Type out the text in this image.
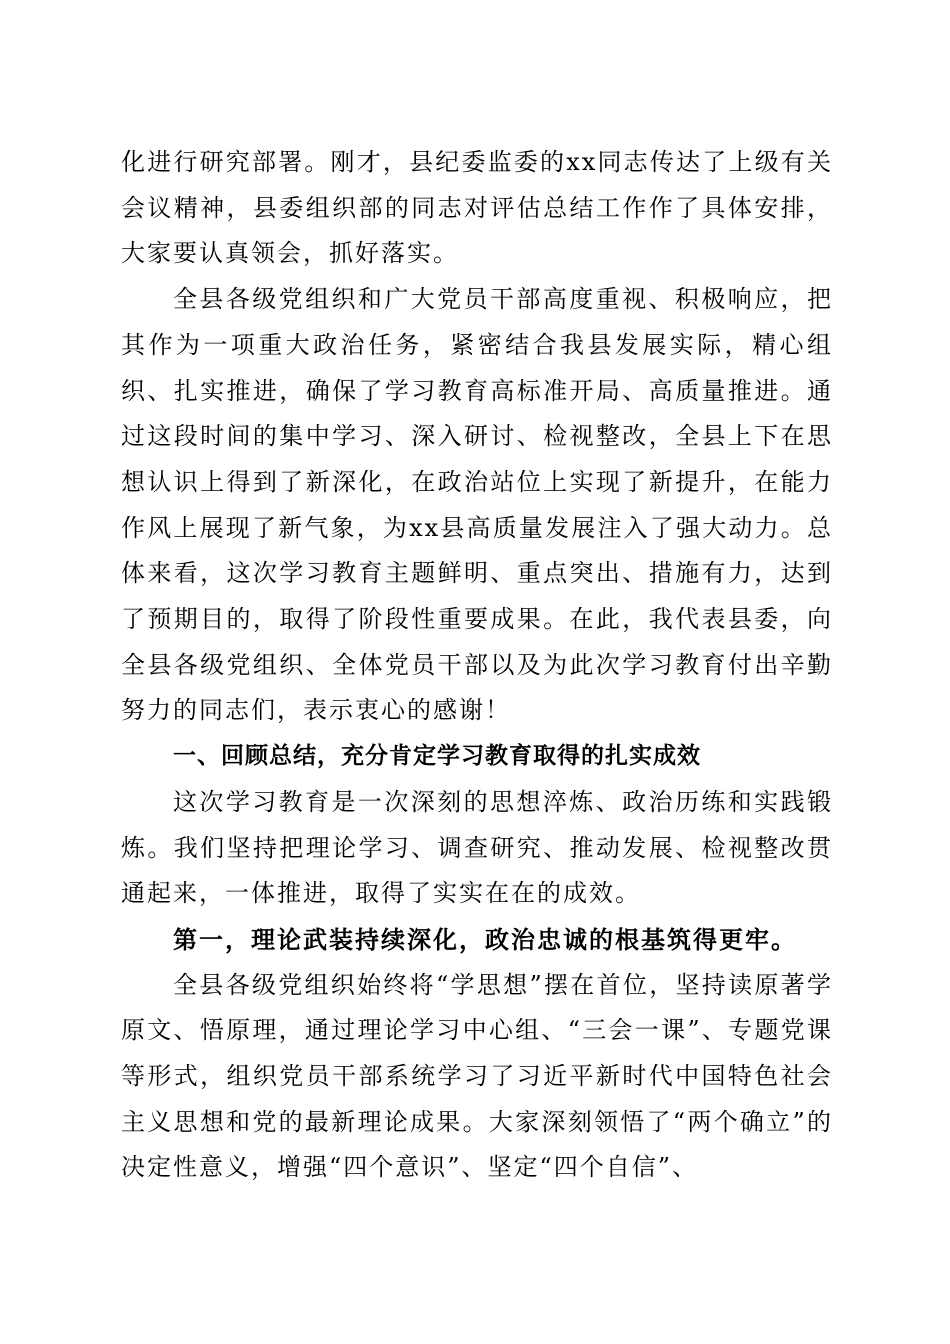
化进行研究部署。刚才，县纪委监委的xx同志传达了上级有关会议精神，县委组织部的同志对评估总结工作作了具体安排，大家要认真领会，抓好落实。

全县各级党组织和广大党员干部高度重视、积极响应，把其作为一项重大政治任务，紧密结合我县发展实际，精心组织、扎实推进，确保了学习教育高标准开局、高质量推进。通过这段时间的集中学习、深入研讨、检视整改，全县上下在思想认识上得到了新深化，在政治站位上实现了新提升，在能力作风上展现了新气象，为xx县高质量发展注入了强大动力。总体来看，这次学习教育主题鲜明、重点突出、措施有力，达到了预期目的，取得了阶段性重要成果。在此，我代表县委，向全县各级党组织、全体党员干部以及为此次学习教育付出辛勤努力的同志们，表示衷心的感谢！

一、回顾总结，充分肯定学习教育取得的扎实成效

这次学习教育是一次深刻的思想淬炼、政治历练和实践锻炼。我们坚持把理论学习、调查研究、推动发展、检视整改贯通起来，一体推进，取得了实实在在的成效。

第一，理论武装持续深化，政治忠诚的根基筑得更牢。

全县各级党组织始终将“学思想”摆在首位，坚持读原著学原文、悟原理，通过理论学习中心组、“三会一课”、专题党课等形式，组织党员干部系统学习了习近平新时代中国特色社会主义思想和党的最新理论成果。大家深刻领悟了“两个确立”的决定性意义，增强“四个意识”、坚定“四个自信”、
